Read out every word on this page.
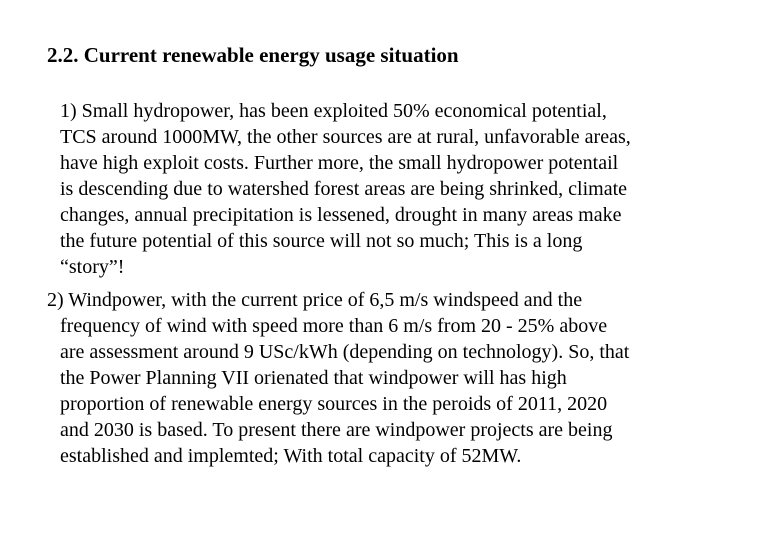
2.2. Current renewable energy usage situation
1) Small hydropower, has been exploited 50% economical potential,
TCS around 1000MW, the other sources are at rural, unfavorable areas,
have high exploit costs. Further more, the small hydropower potentail
is descending due to watershed forest areas are being shrinked, climate
changes, annual precipitation is lessened, drought in many areas make
the future potential of this source will not so much; This is a long
“story”!
2) Windpower, with the current price of 6,5 m/s windspeed and the
frequency of wind with speed more than 6 m/s from 20 - 25% above
are assessment around 9 USc/kWh (depending on technology). So, that
the Power Planning VII orienated that windpower will has high
proportion of renewable energy sources in the peroids of 2011, 2020
and 2030 is based. To present there are windpower projects are being
established and implemted; With total capacity of 52MW.
